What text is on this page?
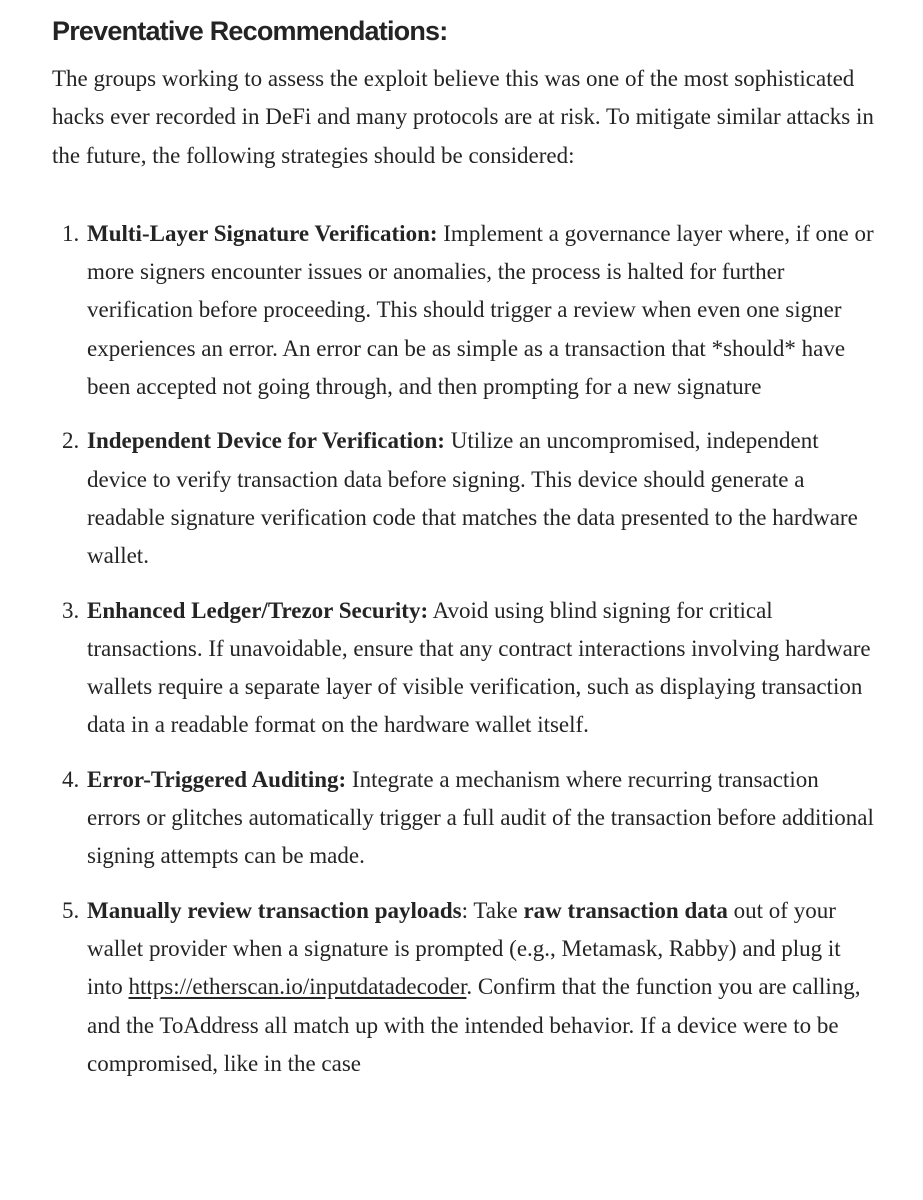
Preventative Recommendations:

The groups working to assess the exploit believe this was one of the most sophisticated hacks ever recorded in DeFi and many protocols are at risk. To mitigate similar attacks in the future, the following strategies should be considered:

1. Multi-Layer Signature Verification: Implement a governance layer where, if one or more signers encounter issues or anomalies, the process is halted for further verification before proceeding. This should trigger a review when even one signer experiences an error. An error can be as simple as a transaction that *should* have been accepted not going through, and then prompting for a new signature
2. Independent Device for Verification: Utilize an uncompromised, independent device to verify transaction data before signing. This device should generate a readable signature verification code that matches the data presented to the hardware wallet.
3. Enhanced Ledger/Trezor Security: Avoid using blind signing for critical transactions. If unavoidable, ensure that any contract interactions involving hardware wallets require a separate layer of visible verification, such as displaying transaction data in a readable format on the hardware wallet itself.
4. Error-Triggered Auditing: Integrate a mechanism where recurring transaction errors or glitches automatically trigger a full audit of the transaction before additional signing attempts can be made.
5. Manually review transaction payloads: Take raw transaction data out of your wallet provider when a signature is prompted (e.g., Metamask, Rabby) and plug it into https://etherscan.io/inputdatadecoder. Confirm that the function you are calling, and the ToAddress all match up with the intended behavior. If a device were to be compromised, like in the case
